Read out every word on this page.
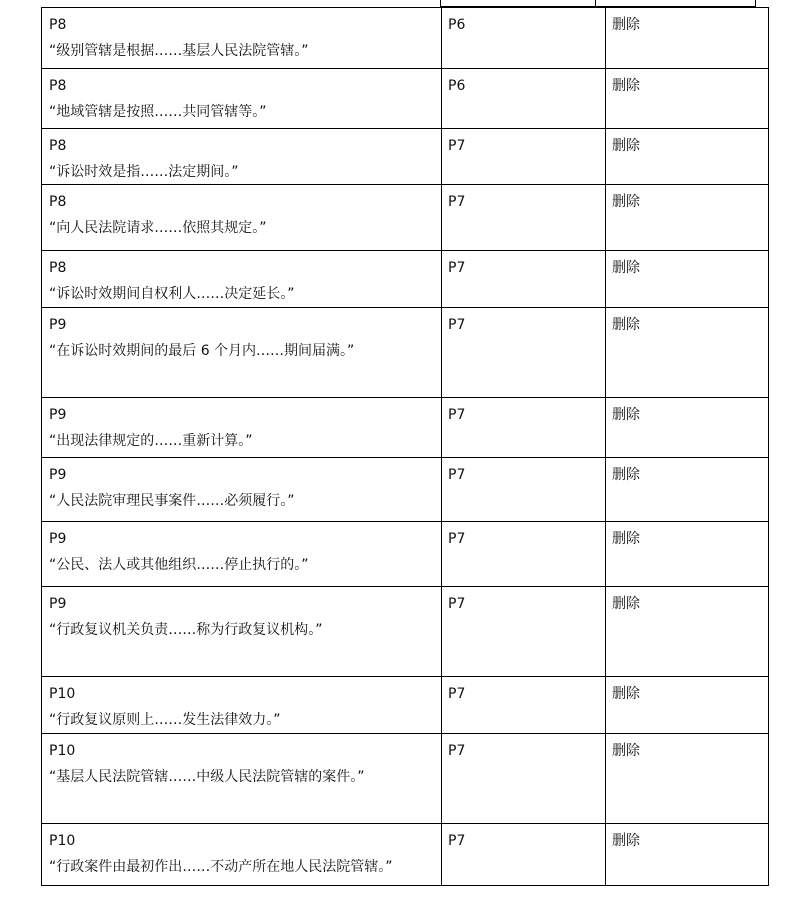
P8
“级别管辖是根据……基层人民法院管辖。”	P6	删除

P8
“地域管辖是按照……共同管辖等。”	P6	删除

P8
“诉讼时效是指……法定期间。”	P7	删除

P8
“向人民法院请求……依照其规定。”	P7	删除

P8
“诉讼时效期间自权利人……决定延长。”	P7	删除

P9
“在诉讼时效期间的最后 6 个月内……期间届满。”	P7	删除

P9
“出现法律规定的……重新计算。”	P7	删除

P9
“人民法院审理民事案件……必须履行。”	P7	删除

P9
“公民、法人或其他组织……停止执行的。”	P7	删除

P9
“行政复议机关负责……称为行政复议机构。”	P7	删除

P10
“行政复议原则上……发生法律效力。”	P7	删除

P10
“基层人民法院管辖……中级人民法院管辖的案件。”	P7	删除

P10
“行政案件由最初作出……不动产所在地人民法院管辖。”	P7	删除
